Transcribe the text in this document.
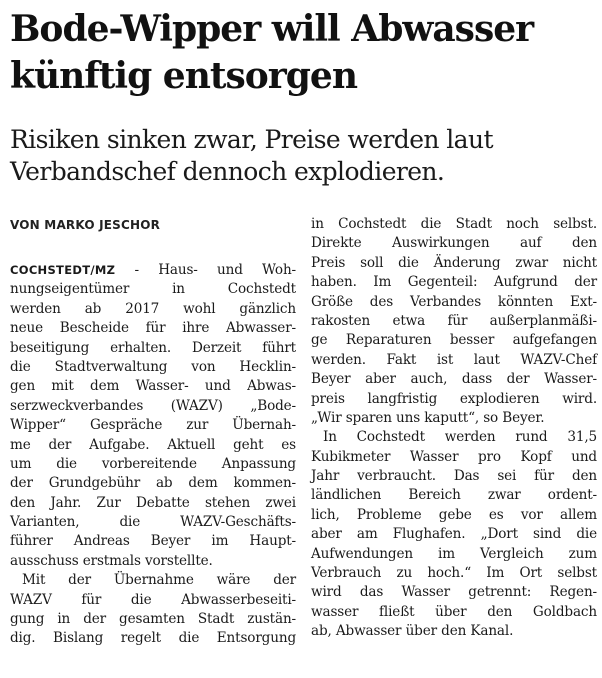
Bode-Wipper will Abwasser
künftig entsorgen
Risiken sinken zwar, Preise werden laut
Verbandschef dennoch explodieren.
VON MARKO JESCHOR
COCHSTEDT/MZ - Haus- und Woh-
nungseigentümer in Cochstedt
werden ab 2017 wohl gänzlich
neue Bescheide für ihre Abwasser-
beseitigung erhalten. Derzeit führt
die Stadtverwaltung von Hecklin-
gen mit dem Wasser- und Abwas-
serzweckverbandes (WAZV) „Bode-
Wipper“ Gespräche zur Übernah-
me der Aufgabe. Aktuell geht es
um die vorbereitende Anpassung
der Grundgebühr ab dem kommen-
den Jahr. Zur Debatte stehen zwei
Varianten, die WAZV-Geschäfts-
führer Andreas Beyer im Haupt-
ausschuss erstmals vorstellte.
Mit der Übernahme wäre der
WAZV für die Abwasserbeseiti-
gung in der gesamten Stadt zustän-
dig. Bislang regelt die Entsorgung
in Cochstedt die Stadt noch selbst.
Direkte Auswirkungen auf den
Preis soll die Änderung zwar nicht
haben. Im Gegenteil: Aufgrund der
Größe des Verbandes könnten Ext-
rakosten etwa für außerplanmäßi-
ge Reparaturen besser aufgefangen
werden. Fakt ist laut WAZV-Chef
Beyer aber auch, dass der Wasser-
preis langfristig explodieren wird.
„Wir sparen uns kaputt“, so Beyer.
In Cochstedt werden rund 31,5
Kubikmeter Wasser pro Kopf und
Jahr verbraucht. Das sei für den
ländlichen Bereich zwar ordent-
lich, Probleme gebe es vor allem
aber am Flughafen. „Dort sind die
Aufwendungen im Vergleich zum
Verbrauch zu hoch.“ Im Ort selbst
wird das Wasser getrennt: Regen-
wasser fließt über den Goldbach
ab, Abwasser über den Kanal.
